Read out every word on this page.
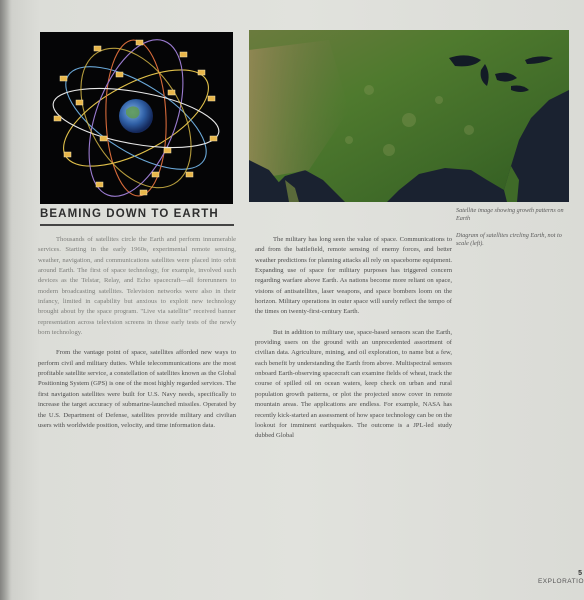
BEAMING DOWN TO EARTH	Satellite image showing growth patterns on Earth
Diagram of satellites circling Earth, not to scale (left).

Thousands of satellites circle the Earth and perform innumerable services. Starting in the early 1960s, experimental remote sensing, weather, navigation, and communications satellites were placed into orbit around Earth. The first of space technology, for example, involved such devices as the Telstar, Relay, and Echo spacecraft—all forerunners to modern broadcasting satellites. Television networks were also in their infancy, limited in capability but anxious to exploit new technology brought about by the space program. "Live via satellite" received banner representation across television screens in those early tests of the newly born technology.

From the vantage point of space, satellites afforded new ways to perform civil and military duties. While telecommunications are the most profitable satellite service, a constellation of satellites known as the Global Positioning System (GPS) is one of the most highly regarded services. The first navigation satellites were built for U.S. Navy needs, specifically to increase the target accuracy of submarine-launched missiles. Operated by the U.S. Department of Defense, satellites provide military and civilian users with worldwide position, velocity, and time information data.

The military has long seen the value of space. Communications to and from the battlefield, remote sensing of enemy forces, and better weather predictions for planning attacks all rely on spaceborne equipment. Expanding use of space for military purposes has triggered concern regarding warfare above Earth. As nations become more reliant on space, visions of antisatellites, laser weapons, and space bombers loom on the horizon. Military operations in outer space will surely reflect the tempo of the times on twenty-first-century Earth.

But in addition to military use, space-based sensors scan the Earth, providing users on the ground with an unprecedented assortment of civilian data. Agriculture, mining, and oil exploration, to name but a few, each benefit by understanding the Earth from above. Multispectral sensors onboard Earth-observing spacecraft can examine fields of wheat, track the course of spilled oil on ocean waters, keep check on urban and rural population growth patterns, or plot the projected snow cover in remote mountain areas. The applications are endless. For example, NASA has recently kick-started an assessment of how space technology can be on the lookout for imminent earthquakes. The outcome is a JPL-led study dubbed Global

5
EXPLORATIO
